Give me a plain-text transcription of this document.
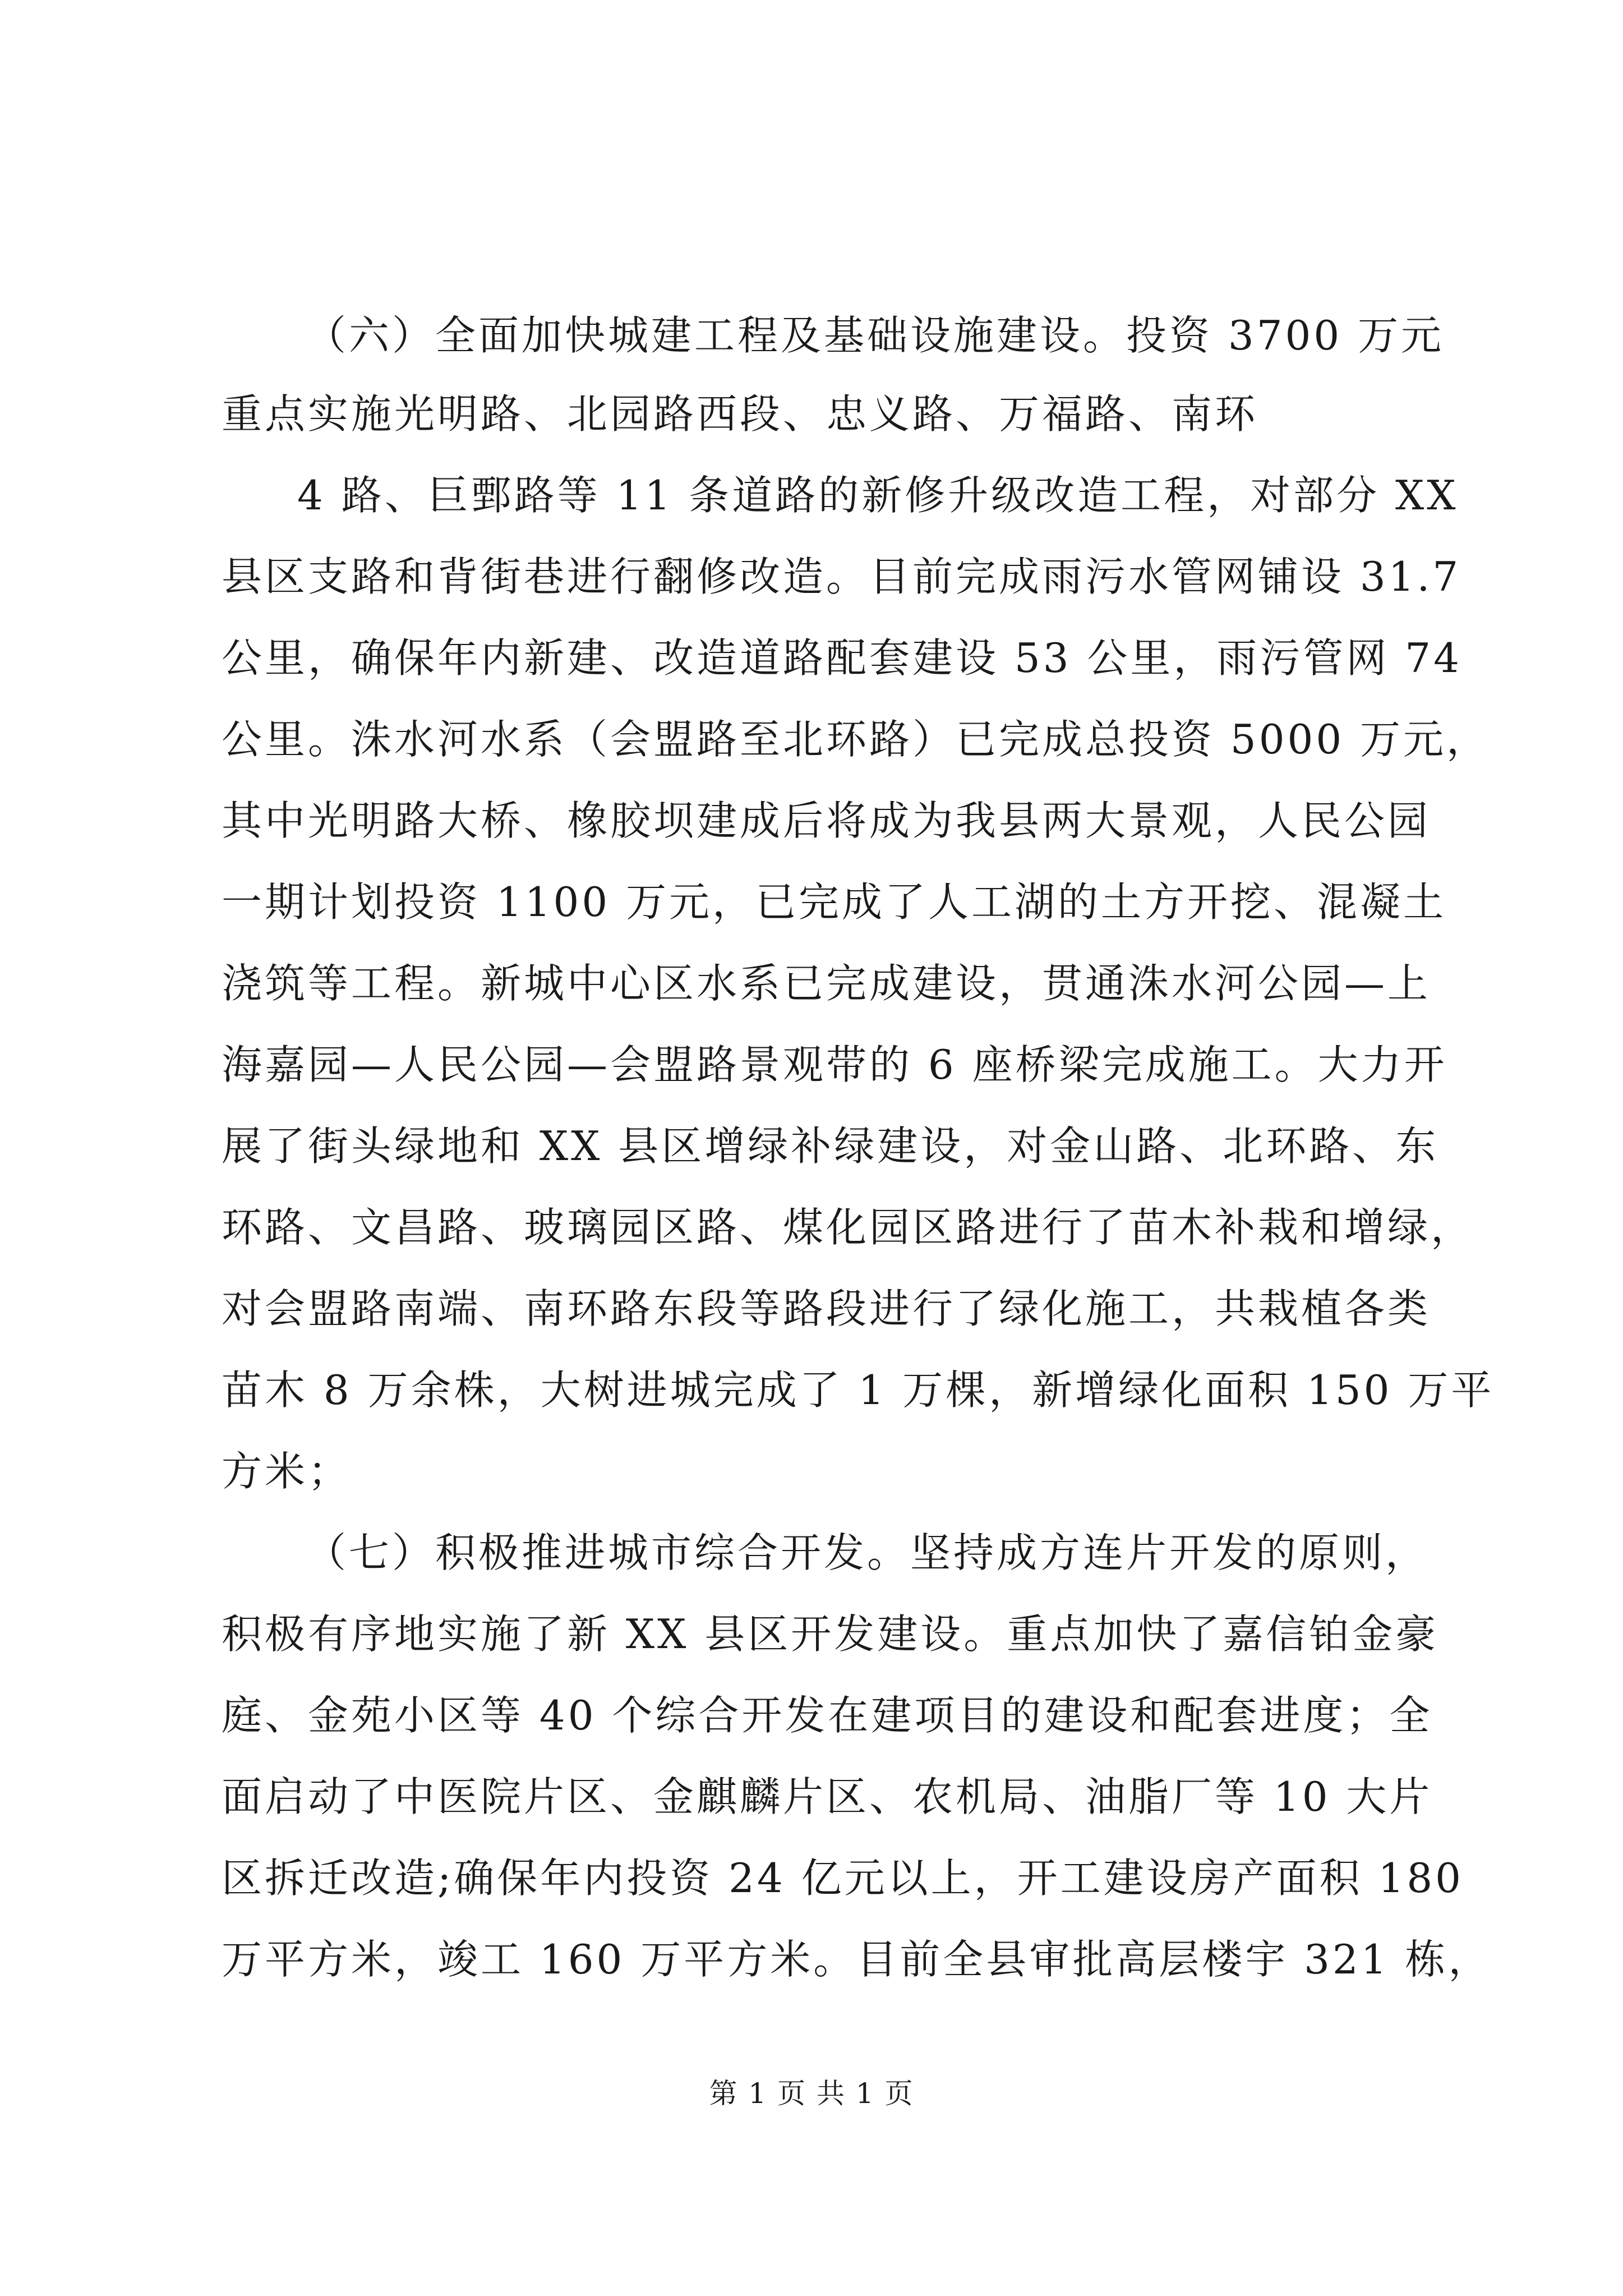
（六）全面加快城建工程及基础设施建设。投资 3700 万元
重点实施光明路、北园路西段、忠义路、万福路、南环
4 路、巨鄄路等 11 条道路的新修升级改造工程，对部分 XX
县区支路和背街巷进行翻修改造。目前完成雨污水管网铺设 31.7
公里，确保年内新建、改造道路配套建设 53 公里，雨污管网 74
公里。洙水河水系（会盟路至北环路）已完成总投资 5000 万元，
其中光明路大桥、橡胶坝建成后将成为我县两大景观，人民公园
一期计划投资 1100 万元，已完成了人工湖的土方开挖、混凝土
浇筑等工程。新城中心区水系已完成建设，贯通洙水河公园—上
海嘉园—人民公园—会盟路景观带的 6 座桥梁完成施工。大力开
展了街头绿地和 XX 县区增绿补绿建设，对金山路、北环路、东
环路、文昌路、玻璃园区路、煤化园区路进行了苗木补栽和增绿，
对会盟路南端、南环路东段等路段进行了绿化施工，共栽植各类
苗木 8 万余株，大树进城完成了 1 万棵，新增绿化面积 150 万平
方米；
（七）积极推进城市综合开发。坚持成方连片开发的原则，
积极有序地实施了新 XX 县区开发建设。重点加快了嘉信铂金豪
庭、金苑小区等 40 个综合开发在建项目的建设和配套进度；全
面启动了中医院片区、金麒麟片区、农机局、油脂厂等 10 大片
区拆迁改造;确保年内投资 24 亿元以上，开工建设房产面积 180
万平方米，竣工 160 万平方米。目前全县审批高层楼宇 321 栋，
第 1 页 共 1 页
